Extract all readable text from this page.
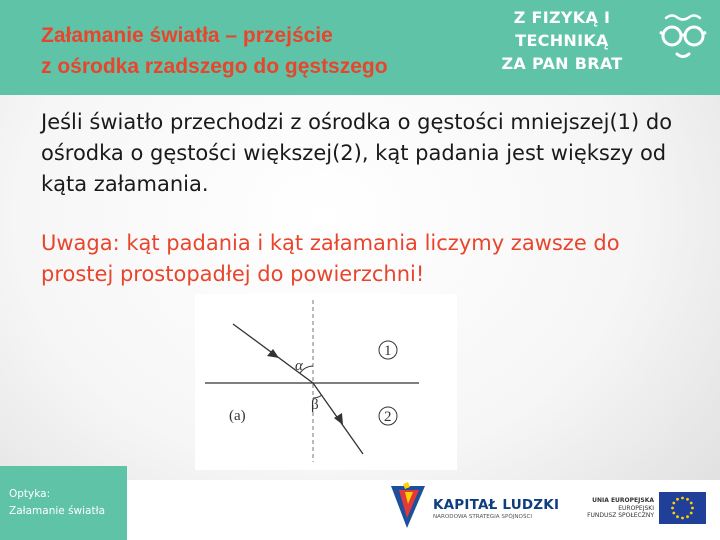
Załamanie światła – przejście
z ośrodka rzadszego do gęstszego
Z FIZYKĄ I TECHNIKĄ
ZA PAN BRAT

Jeśli światło przechodzi z ośrodka o gęstości mniejszej(1) do ośrodka o gęstości większej(2), kąt padania jest większy od kąta załamania.

Uwaga: kąt padania i kąt załamania liczymy zawsze do prostej prostopadłej do powierzchni!

α
β
1
2
(a)
Optyka:
Załamanie światła	KAPITAŁ LUDZKI
NARODOWA STRATEGIA SPÓJNOŚCI
UNIA EUROPEJSKA
EUROPEJSKI
FUNDUSZ SPOŁECZNY
